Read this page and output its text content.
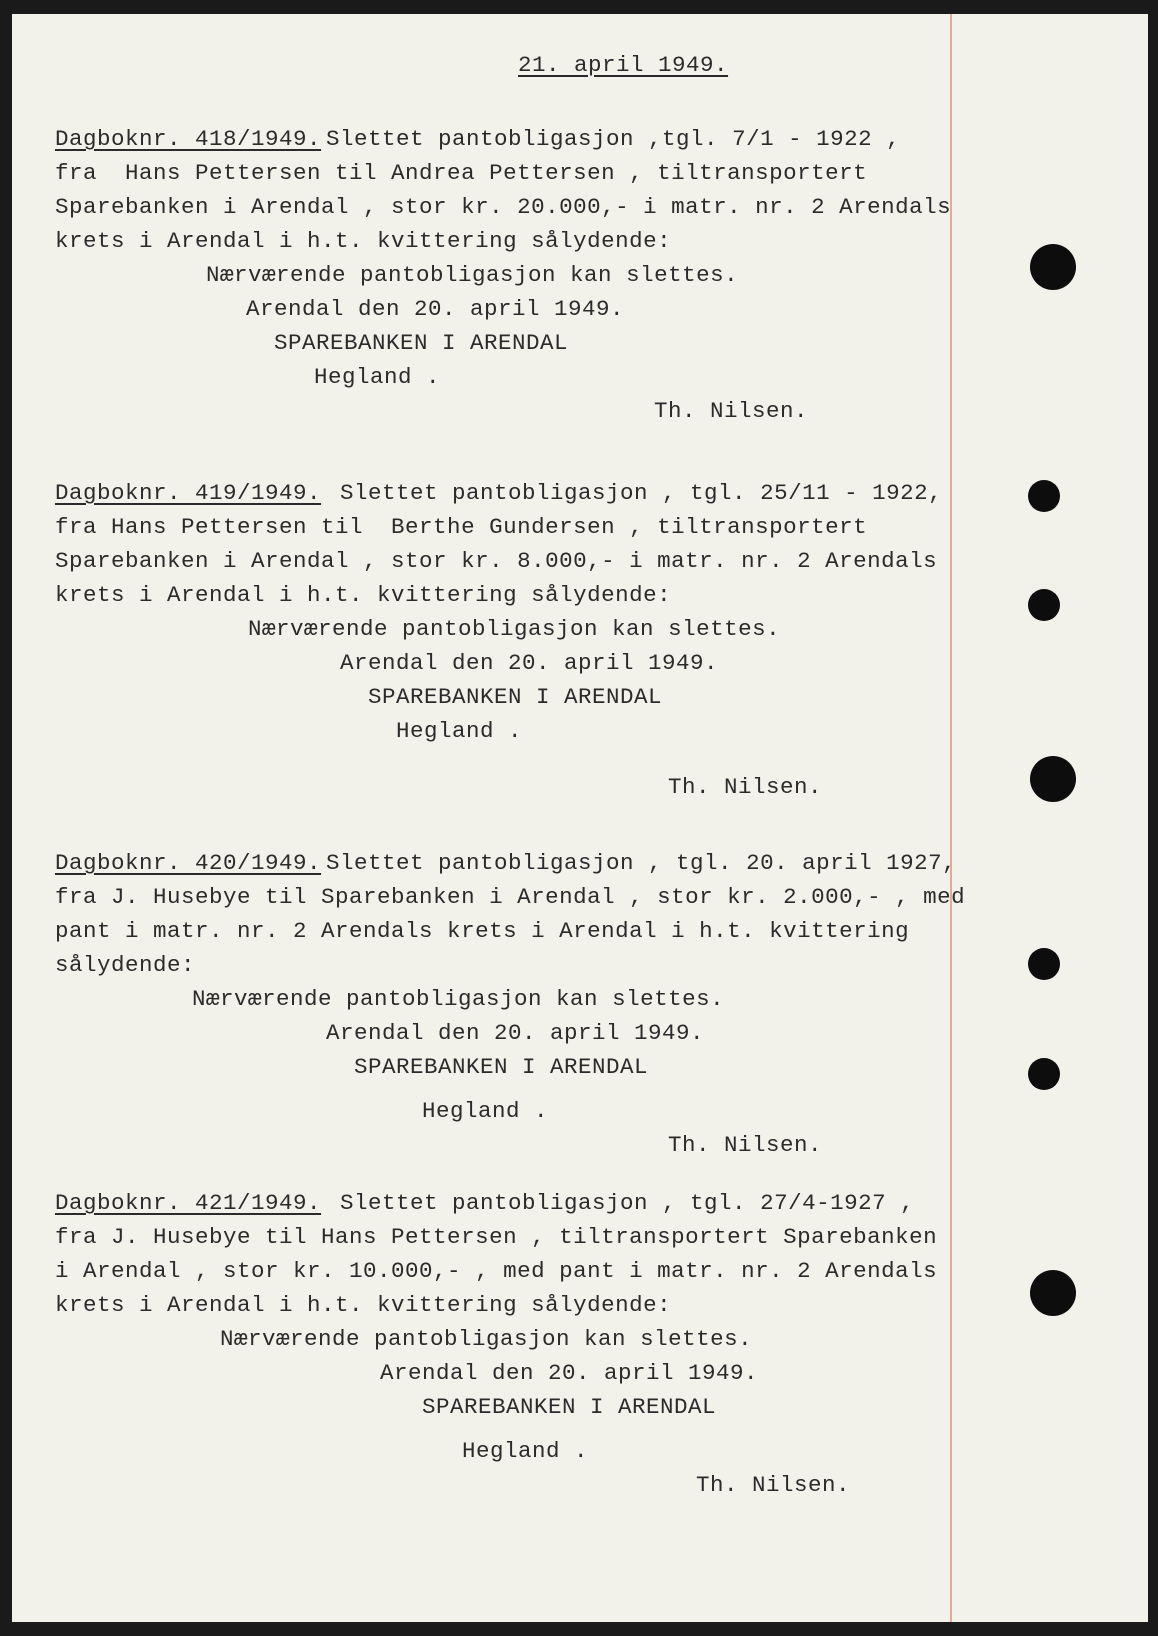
21. april 1949.
Dagboknr. 418/1949. Slettet pantobligasjon ,tgl. 7/1 - 1922 ,
fra  Hans Pettersen til Andrea Pettersen , tiltransportert
Sparebanken i Arendal , stor kr. 20.000,- i matr. nr. 2 Arendals
krets i Arendal i h.t. kvittering sålydende:
Nærværende pantobligasjon kan slettes.
Arendal den 20. april 1949.
SPAREBANKEN I ARENDAL
Hegland .
Th. Nilsen.
Dagboknr. 419/1949. Slettet pantobligasjon , tgl. 25/11 - 1922,
fra Hans Pettersen til  Berthe Gundersen , tiltransportert
Sparebanken i Arendal , stor kr. 8.000,- i matr. nr. 2 Arendals
krets i Arendal i h.t. kvittering sålydende:
Nærværende pantobligasjon kan slettes.
Arendal den 20. april 1949.
SPAREBANKEN I ARENDAL
Hegland .
Th. Nilsen.
Dagboknr. 420/1949. Slettet pantobligasjon , tgl. 20. april 1927,
fra J. Husebye til Sparebanken i Arendal , stor kr. 2.000,- , med
pant i matr. nr. 2 Arendals krets i Arendal i h.t. kvittering
sålydende:
Nærværende pantobligasjon kan slettes.
Arendal den 20. april 1949.
SPAREBANKEN I ARENDAL
Hegland .
Th. Nilsen.
Dagboknr. 421/1949. Slettet pantobligasjon , tgl. 27/4-1927 ,
fra J. Husebye til Hans Pettersen , tiltransportert Sparebanken
i Arendal , stor kr. 10.000,- , med pant i matr. nr. 2 Arendals
krets i Arendal i h.t. kvittering sålydende:
Nærværende pantobligasjon kan slettes.
Arendal den 20. april 1949.
SPAREBANKEN I ARENDAL
Hegland .
Th. Nilsen.
